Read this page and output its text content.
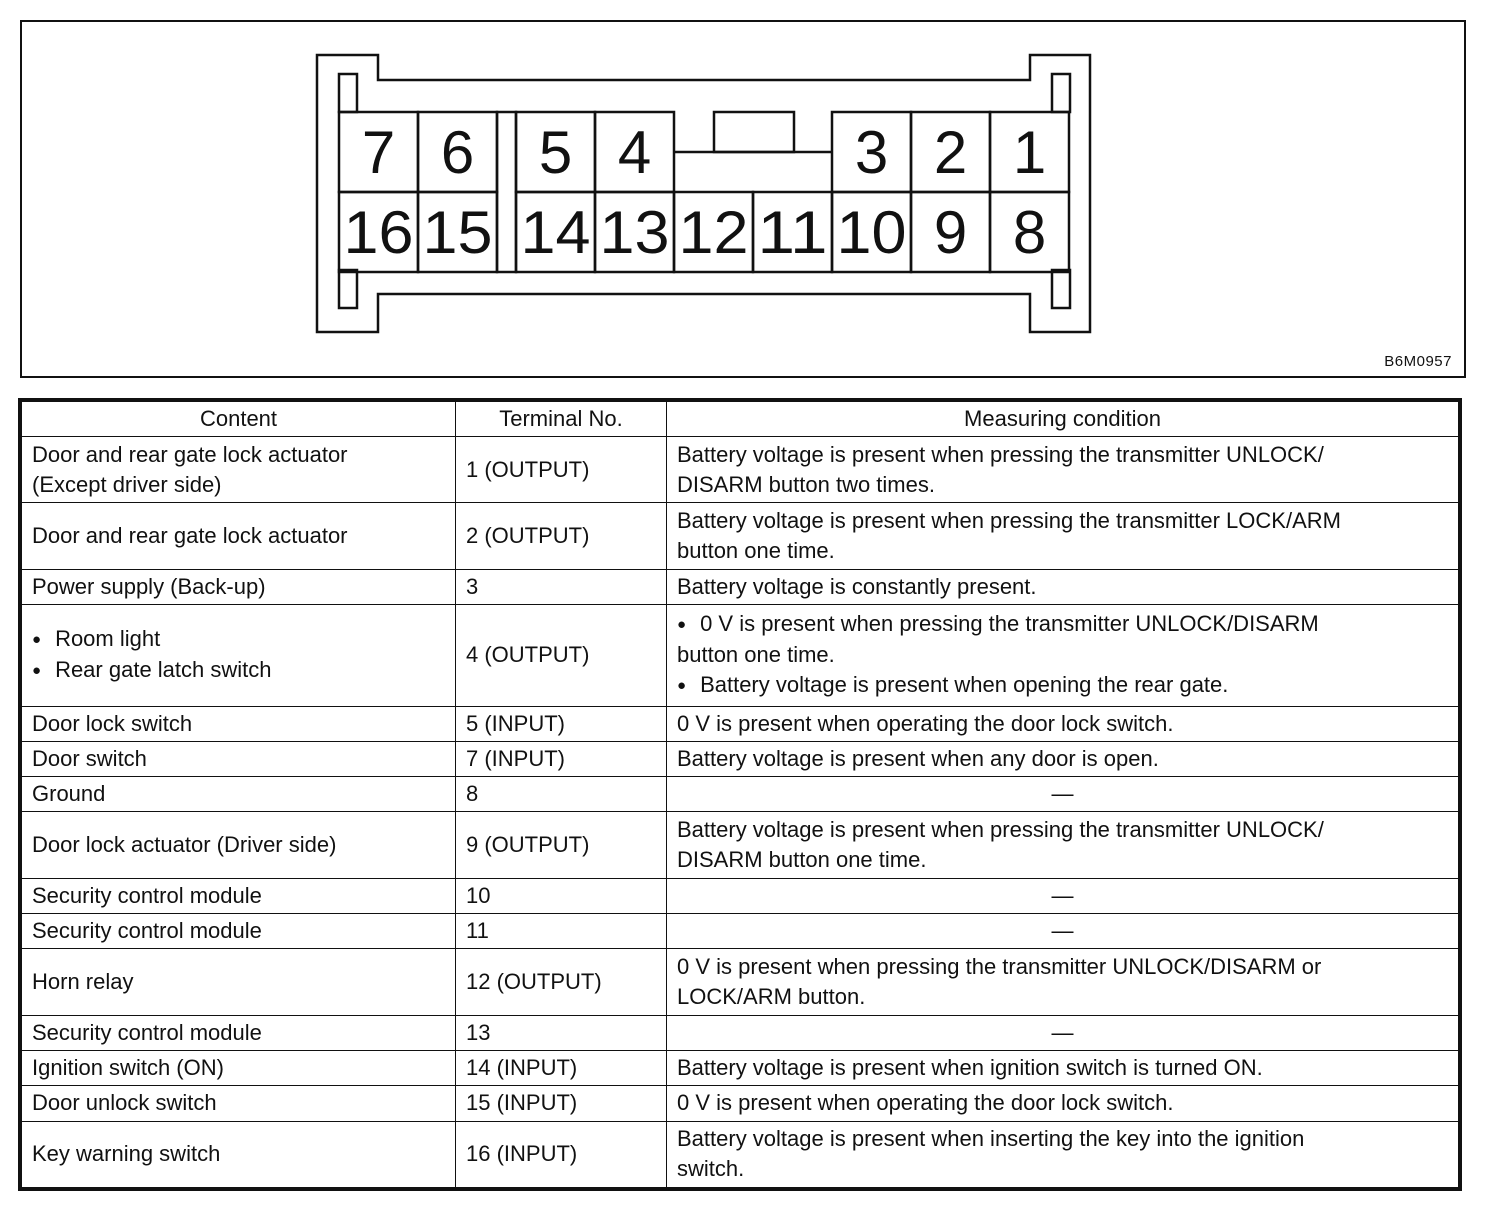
7 6 5 4	3 2 1
16 15 14 13 12 11 10 9 8
B6M0957
Content	Terminal No.	Measuring condition

Door and rear gate lock actuator
(Except driver side)	1 (OUTPUT)	Battery voltage is present when pressing the transmitter UNLOCK/
DISARM button two times.

Door and rear gate lock actuator	2 (OUTPUT)	Battery voltage is present when pressing the transmitter LOCK/ARM
button one time.

Power supply (Back-up)	3	Battery voltage is constantly present.

● Room light
● Rear gate latch switch	4 (OUTPUT)	● 0 V is present when pressing the transmitter UNLOCK/DISARM
button one time.
● Battery voltage is present when opening the rear gate.

Door lock switch	5 (INPUT)	0 V is present when operating the door lock switch.

Door switch	7 (INPUT)	Battery voltage is present when any door is open.

Ground	8	—

Door lock actuator (Driver side)	9 (OUTPUT)	Battery voltage is present when pressing the transmitter UNLOCK/
DISARM button one time.

Security control module	10	—

Security control module	11	—

Horn relay	12 (OUTPUT)	0 V is present when pressing the transmitter UNLOCK/DISARM or
LOCK/ARM button.

Security control module	13	—

Ignition switch (ON)	14 (INPUT)	Battery voltage is present when ignition switch is turned ON.

Door unlock switch	15 (INPUT)	0 V is present when operating the door lock switch.

Key warning switch	16 (INPUT)	Battery voltage is present when inserting the key into the ignition
switch.
